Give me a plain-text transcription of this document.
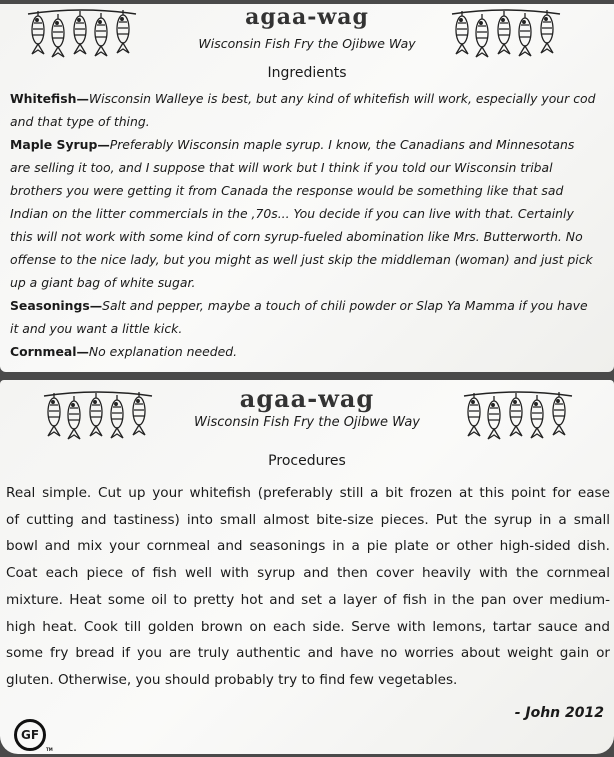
agaa-wag
Wisconsin Fish Fry the Ojibwe Way
Ingredients
Whitefish—Wisconsin Walleye is best, but any kind of whitefish will work, especially your cod
and that type of thing.
Maple Syrup—Preferably Wisconsin maple syrup. I know, the Canadians and Minnesotans
are selling it too, and I suppose that will work but I think if you told our Wisconsin tribal
brothers you were getting it from Canada the response would be something like that sad
Indian on the litter commercials in the ,70s... You decide if you can live with that. Certainly
this will not work with some kind of corn syrup-fueled abomination like Mrs. Butterworth. No
offense to the nice lady, but you might as well just skip the middleman (woman) and just pick
up a giant bag of white sugar.
Seasonings—Salt and pepper, maybe a touch of chili powder or Slap Ya Mamma if you have
it and you want a little kick.
Cornmeal—No explanation needed.
agaa-wag
Wisconsin Fish Fry the Ojibwe Way
Procedures
Real simple. Cut up your whitefish (preferably still a bit frozen at this point for ease
of cutting and tastiness) into small almost bite-size pieces. Put the syrup in a small
bowl and mix your cornmeal and seasonings in a pie plate or other high-sided dish.
Coat each piece of fish well with syrup and then cover heavily with the cornmeal
mixture. Heat some oil to pretty hot and set a layer of fish in the pan over medium-
high heat. Cook till golden brown on each side. Serve with lemons, tartar sauce and
some fry bread if you are truly authentic and have no worries about weight gain or
gluten. Otherwise, you should probably try to find few vegetables.
- John 2012
GF
TM
